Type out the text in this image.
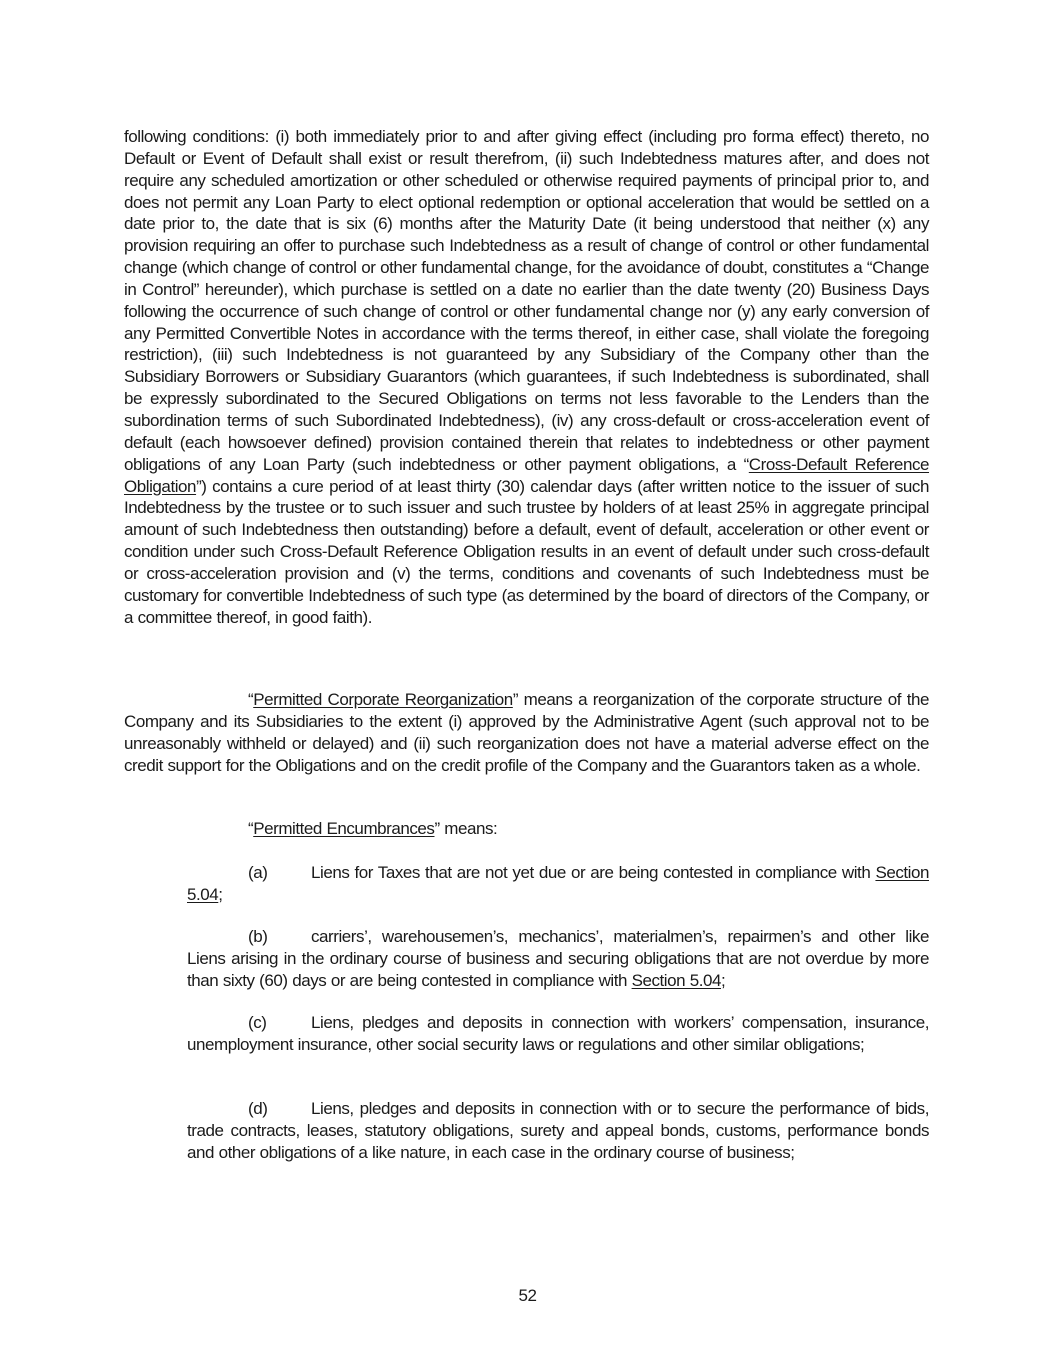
following conditions: (i) both immediately prior to and after giving effect (including pro forma effect) thereto, no Default or Event of Default shall exist or result therefrom, (ii) such Indebtedness matures after, and does not require any scheduled amortization or other scheduled or otherwise required payments of principal prior to, and does not permit any Loan Party to elect optional redemption or optional acceleration that would be settled on a date prior to, the date that is six (6) months after the Maturity Date (it being understood that neither (x) any provision requiring an offer to purchase such Indebtedness as a result of change of control or other fundamental change (which change of control or other fundamental change, for the avoidance of doubt, constitutes a “Change in Control” hereunder), which purchase is settled on a date no earlier than the date twenty (20) Business Days following the occurrence of such change of control or other fundamental change nor (y) any early conversion of any Permitted Convertible Notes in accordance with the terms thereof, in either case, shall violate the foregoing restriction), (iii) such Indebtedness is not guaranteed by any Subsidiary of the Company other than the Subsidiary Borrowers or Subsidiary Guarantors (which guarantees, if such Indebtedness is subordinated, shall be expressly subordinated to the Secured Obligations on terms not less favorable to the Lenders than the subordination terms of such Subordinated Indebtedness), (iv) any cross-default or cross-acceleration event of default (each howsoever defined) provision contained therein that relates to indebtedness or other payment obligations of any Loan Party (such indebtedness or other payment obligations, a “Cross-Default Reference Obligation”) contains a cure period of at least thirty (30) calendar days (after written notice to the issuer of such Indebtedness by the trustee or to such issuer and such trustee by holders of at least 25% in aggregate principal amount of such Indebtedness then outstanding) before a default, event of default, acceleration or other event or condition under such Cross-Default Reference Obligation results in an event of default under such cross-default or cross-acceleration provision and (v) the terms, conditions and covenants of such Indebtedness must be customary for convertible Indebtedness of such type (as determined by the board of directors of the Company, or a committee thereof, in good faith).

“Permitted Corporate Reorganization” means a reorganization of the corporate structure of the Company and its Subsidiaries to the extent (i) approved by the Administrative Agent (such approval not to be unreasonably withheld or delayed) and (ii) such reorganization does not have a material adverse effect on the credit support for the Obligations and on the credit profile of the Company and the Guarantors taken as a whole.

“Permitted Encumbrances” means:

(a)	Liens for Taxes that are not yet due or are being contested in compliance with Section 5.04;

(b)	carriers’, warehousemen’s, mechanics’, materialmen’s, repairmen’s and other like Liens arising in the ordinary course of business and securing obligations that are not overdue by more than sixty (60) days or are being contested in compliance with Section 5.04;

(c)	Liens, pledges and deposits in connection with workers’ compensation, insurance, unemployment insurance, other social security laws or regulations and other similar obligations;

(d)	Liens, pledges and deposits in connection with or to secure the performance of bids, trade contracts, leases, statutory obligations, surety and appeal bonds, customs, performance bonds and other obligations of a like nature, in each case in the ordinary course of business;

52
